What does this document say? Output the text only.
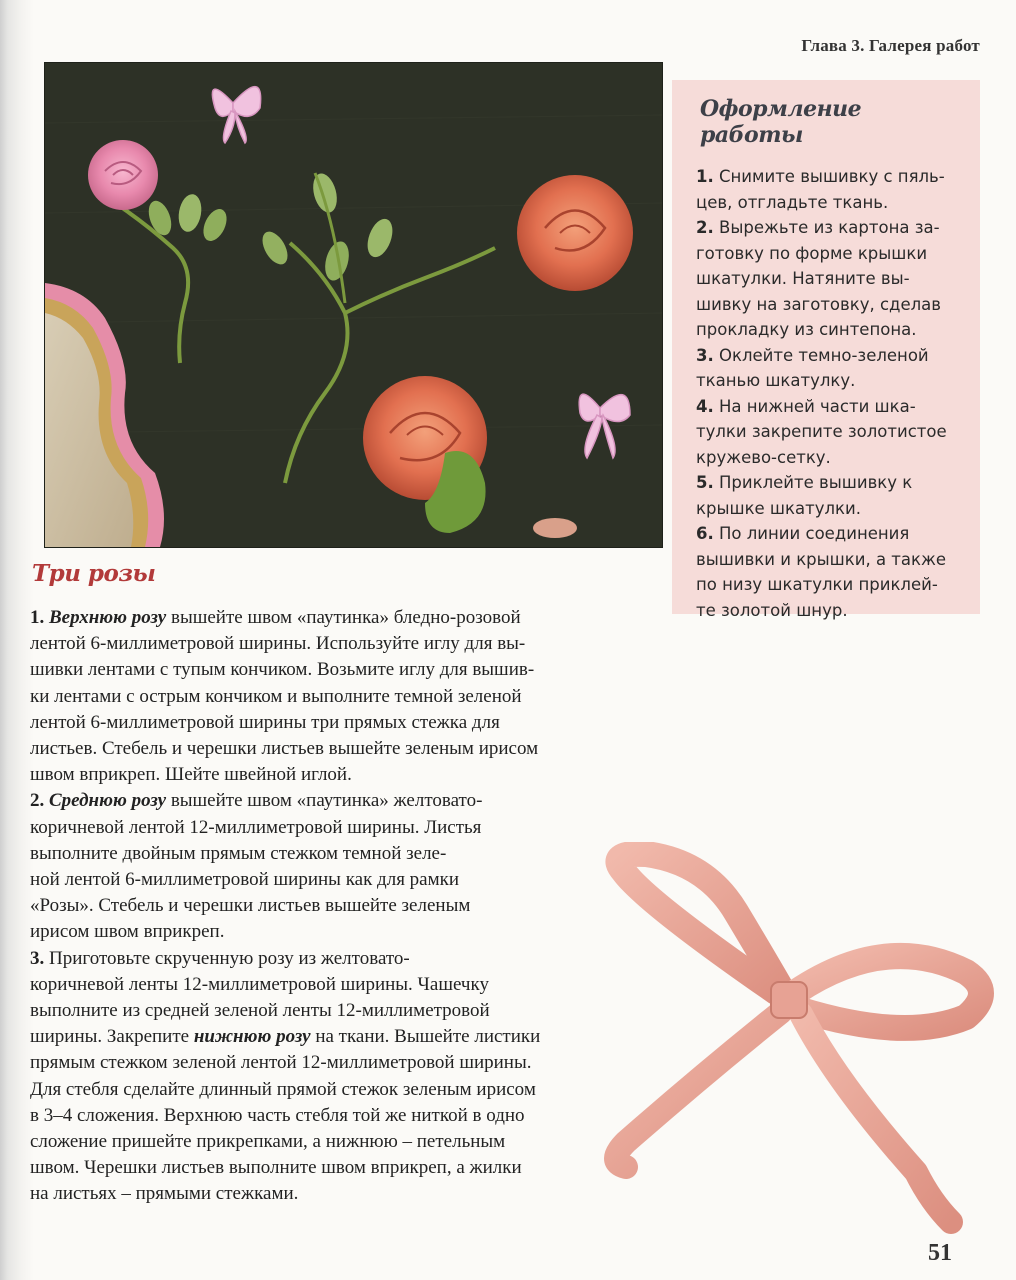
Глава 3. Галерея работ
Оформление работы

1. Снимите вышивку с пяль-
цев, отгладьте ткань.

2. Вырежьте из картона за-
готовку по форме крышки
шкатулки. Натяните вы-
шивку на заготовку, сделав
прокладку из синтепона.

3. Оклейте темно-зеленой
тканью шкатулку.

4. На нижней части шка-
тулки закрепите золотистое
кружево-сетку.

5. Приклейте вышивку к
крышке шкатулки.

6. По линии соединения
вышивки и крышки, а также
по низу шкатулки приклей-
те золотой шнур.

Три розы

1. Верхнюю розу вышейте швом «паутинка» бледно-розовой
лентой 6-миллиметровой ширины. Используйте иглу для вы-
шивки лентами с тупым кончиком. Возьмите иглу для вышив-
ки лентами с острым кончиком и выполните темной зеленой
лентой 6-миллиметровой ширины три прямых стежка для
листьев. Стебель и черешки листьев вышейте зеленым ирисом
швом вприкреп. Шейте швейной иглой.

2. Среднюю розу вышейте швом «паутинка» желтовато-
коричневой лентой 12-миллиметровой ширины. Листья
выполните двойным прямым стежком темной зеле-
ной лентой 6-миллиметровой ширины как для рамки
«Розы». Стебель и черешки листьев вышейте зеленым
ирисом швом вприкреп.

3. Приготовьте скрученную розу из желтовато-
коричневой ленты 12-миллиметровой ширины. Чашечку
выполните из средней зеленой ленты 12-миллиметровой
ширины. Закрепите нижнюю розу на ткани. Вышейте листики
прямым стежком зеленой лентой 12-миллиметровой ширины.
Для стебля сделайте длинный прямой стежок зеленым ирисом
в 3–4 сложения. Верхнюю часть стебля той же ниткой в одно
сложение пришейте прикрепками, а нижнюю – петельным
швом. Черешки листьев выполните швом вприкреп, а жилки
на листьях – прямыми стежками.

51
